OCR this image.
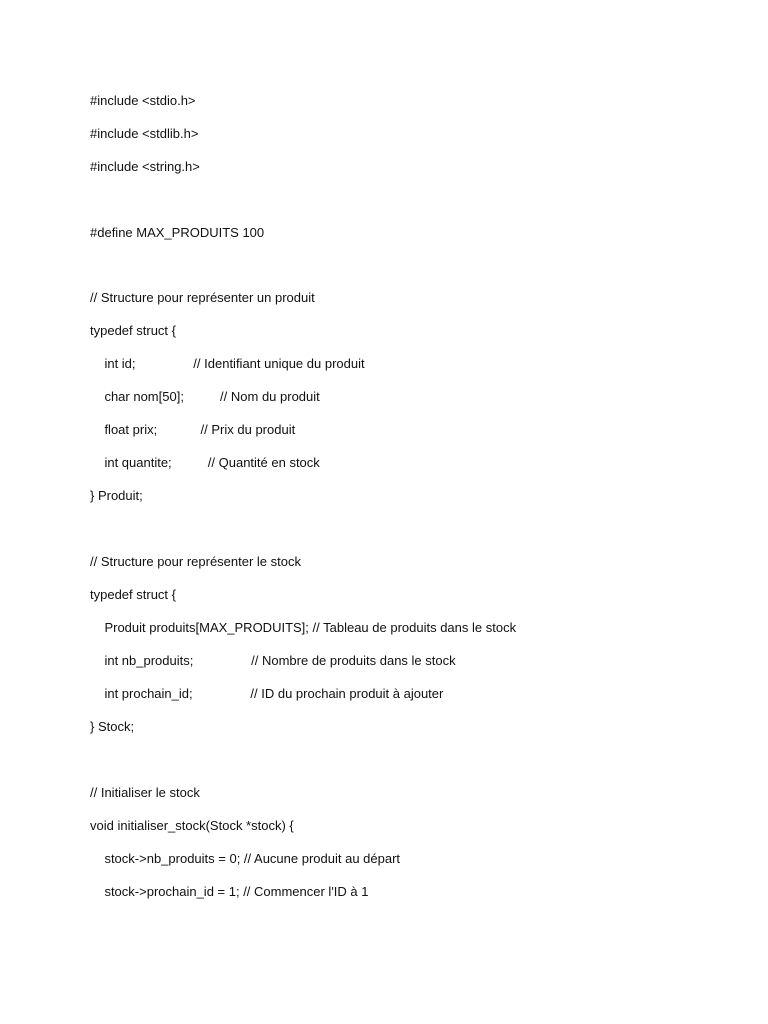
#include <stdio.h>
#include <stdlib.h>
#include <string.h>
#define MAX_PRODUITS 100
// Structure pour représenter un produit
typedef struct {
int id;                // Identifiant unique du produit
char nom[50];          // Nom du produit
float prix;            // Prix du produit
int quantite;          // Quantité en stock
} Produit;
// Structure pour représenter le stock
typedef struct {
Produit produits[MAX_PRODUITS]; // Tableau de produits dans le stock
int nb_produits;                // Nombre de produits dans le stock
int prochain_id;                // ID du prochain produit à ajouter
} Stock;
// Initialiser le stock
void initialiser_stock(Stock *stock) {
stock->nb_produits = 0; // Aucune produit au départ
stock->prochain_id = 1; // Commencer l'ID à 1
